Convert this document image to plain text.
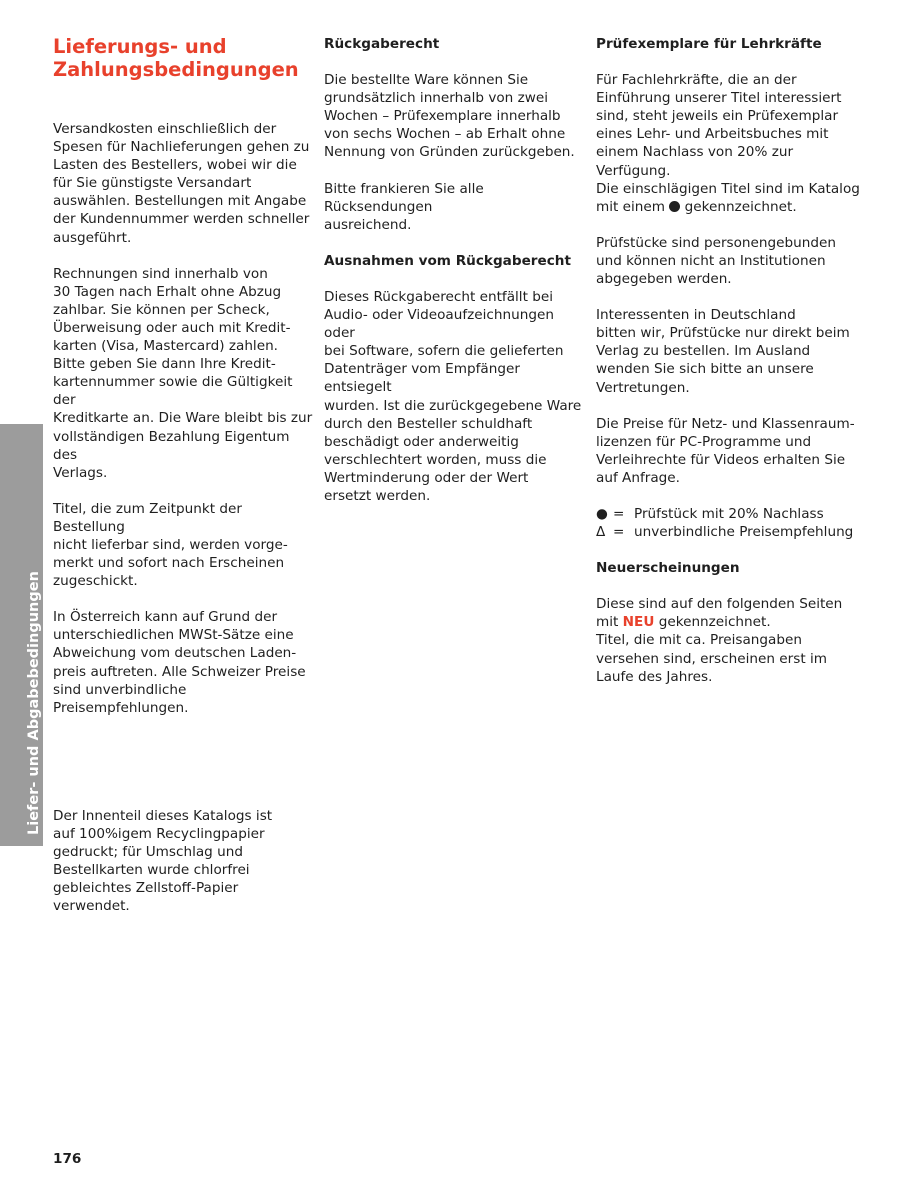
Liefer- und Abgabebedingungen
Lieferungs- und
Zahlungsbedingungen

Versandkosten einschließlich der
Spesen für Nachlieferungen gehen zu
Lasten des Bestellers, wobei wir die
für Sie günstigste Versandart
auswählen. Bestellungen mit Angabe
der Kundennummer werden schneller
ausgeführt.

Rechnungen sind innerhalb von
30 Tagen nach Erhalt ohne Abzug
zahlbar. Sie können per Scheck,
Überweisung oder auch mit Kredit-
karten (Visa, Mastercard) zahlen.
Bitte geben Sie dann Ihre Kredit-
kartennummer sowie die Gültigkeit der
Kreditkarte an. Die Ware bleibt bis zur
vollständigen Bezahlung Eigentum des
Verlags.

Titel, die zum Zeitpunkt der Bestellung
nicht lieferbar sind, werden vorge-
merkt und sofort nach Erscheinen
zugeschickt.

In Österreich kann auf Grund der
unterschiedlichen MWSt-Sätze eine
Abweichung vom deutschen Laden-
preis auftreten. Alle Schweizer Preise
sind unverbindliche Preisempfehlungen.

Der Innenteil dieses Katalogs ist
auf 100%igem Recyclingpapier
gedruckt; für Umschlag und
Bestellkarten wurde chlorfrei
gebleichtes Zellstoff-Papier
verwendet.

Rückgaberecht

Die bestellte Ware können Sie
grundsätzlich innerhalb von zwei
Wochen – Prüfexemplare innerhalb
von sechs Wochen – ab Erhalt ohne
Nennung von Gründen zurückgeben.

Bitte frankieren Sie alle Rücksendungen
ausreichend.

Ausnahmen vom Rückgaberecht

Dieses Rückgaberecht entfällt bei
Audio- oder Videoaufzeichnungen oder
bei Software, sofern die gelieferten
Datenträger vom Empfänger entsiegelt
wurden. Ist die zurückgegebene Ware
durch den Besteller schuldhaft
beschädigt oder anderweitig
verschlechtert worden, muss die
Wertminderung oder der Wert
ersetzt werden.

Prüfexemplare für Lehrkräfte

Für Fachlehrkräfte, die an der
Einführung unserer Titel interessiert
sind, steht jeweils ein Prüfexemplar
eines Lehr- und Arbeitsbuches mit
einem Nachlass von 20% zur
Verfügung.

Die einschlägigen Titel sind im Katalog
mit einem  gekennzeichnet.

Prüfstücke sind personengebunden
und können nicht an Institutionen
abgegeben werden.

Interessenten in Deutschland
bitten wir, Prüfstücke nur direkt beim
Verlag zu bestellen. Im Ausland
wenden Sie sich bitte an unsere
Vertretungen.

Die Preise für Netz- und Klassenraum-
lizenzen für PC-Programme und
Verleihrechte für Videos erhalten Sie
auf Anfrage.

● = Prüfstück mit 20% Nachlass
Δ = unverbindliche Preisempfehlung
Neuerscheinungen

Diese sind auf den folgenden Seiten
mit NEU gekennzeichnet.
Titel, die mit ca. Preisangaben
versehen sind, erscheinen erst im
Laufe des Jahres.

176
